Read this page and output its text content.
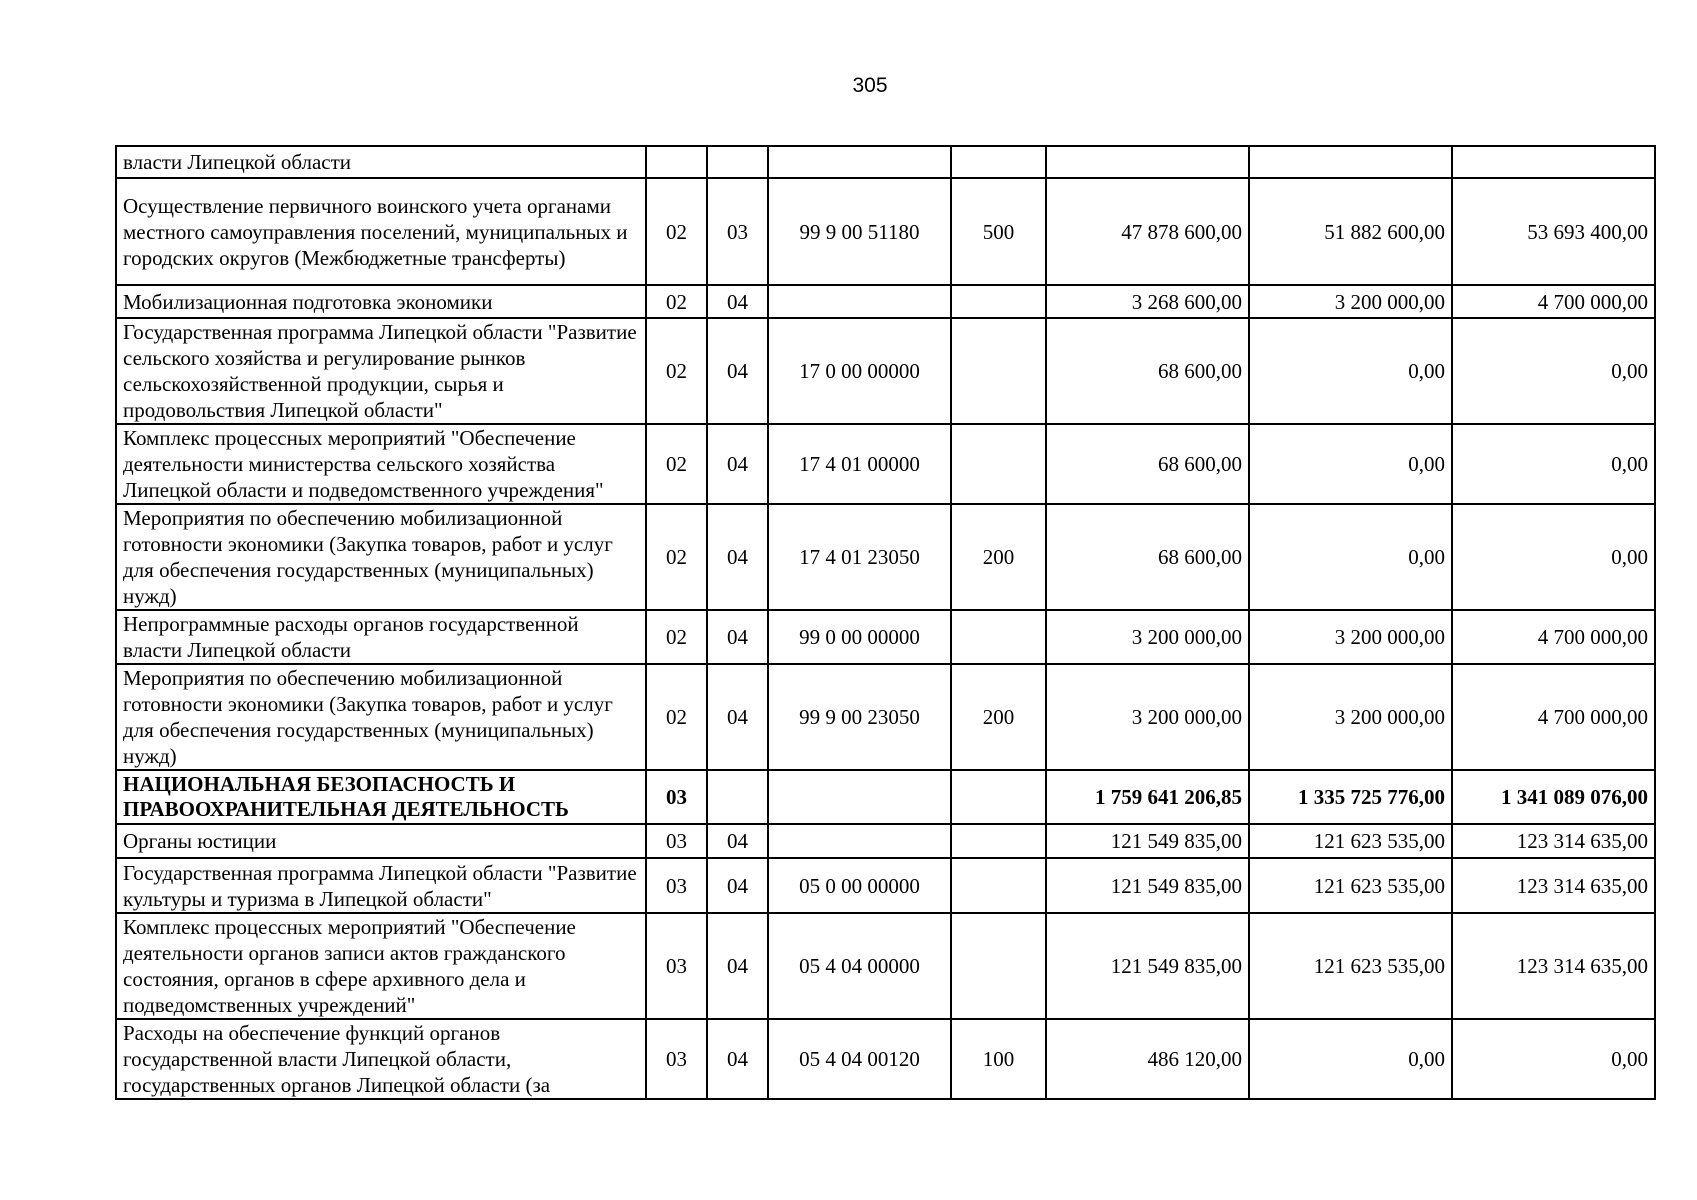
305
власти Липецкой области							
Осуществление первичного воинского учета органами местного самоуправления поселений, муниципальных и городских округов (Межбюджетные трансферты)	02	03	99 9 00 51180	500	47 878 600,00	51 882 600,00	53 693 400,00
Мобилизационная подготовка экономики	02	04			3 268 600,00	3 200 000,00	4 700 000,00
Государственная программа Липецкой области "Развитие сельского хозяйства и регулирование рынков сельскохозяйственной продукции, сырья и продовольствия Липецкой области"	02	04	17 0 00 00000		68 600,00	0,00	0,00
Комплекс процессных мероприятий "Обеспечение деятельности министерства сельского хозяйства Липецкой области и подведомственного учреждения"	02	04	17 4 01 00000		68 600,00	0,00	0,00
Мероприятия по обеспечению мобилизационной готовности экономики (Закупка товаров, работ и услуг для обеспечения государственных (муниципальных) нужд)	02	04	17 4 01 23050	200	68 600,00	0,00	0,00
Непрограммные расходы органов государственной власти Липецкой области	02	04	99 0 00 00000		3 200 000,00	3 200 000,00	4 700 000,00
Мероприятия по обеспечению мобилизационной готовности экономики (Закупка товаров, работ и услуг для обеспечения государственных (муниципальных) нужд)	02	04	99 9 00 23050	200	3 200 000,00	3 200 000,00	4 700 000,00
НАЦИОНАЛЬНАЯ БЕЗОПАСНОСТЬ И ПРАВООХРАНИТЕЛЬНАЯ ДЕЯТЕЛЬНОСТЬ	03				1 759 641 206,85	1 335 725 776,00	1 341 089 076,00
Органы юстиции	03	04			121 549 835,00	121 623 535,00	123 314 635,00
Государственная программа Липецкой области "Развитие культуры и туризма в Липецкой области"	03	04	05 0 00 00000		121 549 835,00	121 623 535,00	123 314 635,00
Комплекс процессных мероприятий "Обеспечение деятельности органов записи актов гражданского состояния, органов в сфере архивного дела и подведомственных учреждений"	03	04	05 4 04 00000		121 549 835,00	121 623 535,00	123 314 635,00
Расходы на обеспечение функций органов государственной власти Липецкой области, государственных органов Липецкой области (за	03	04	05 4 04 00120	100	486 120,00	0,00	0,00
